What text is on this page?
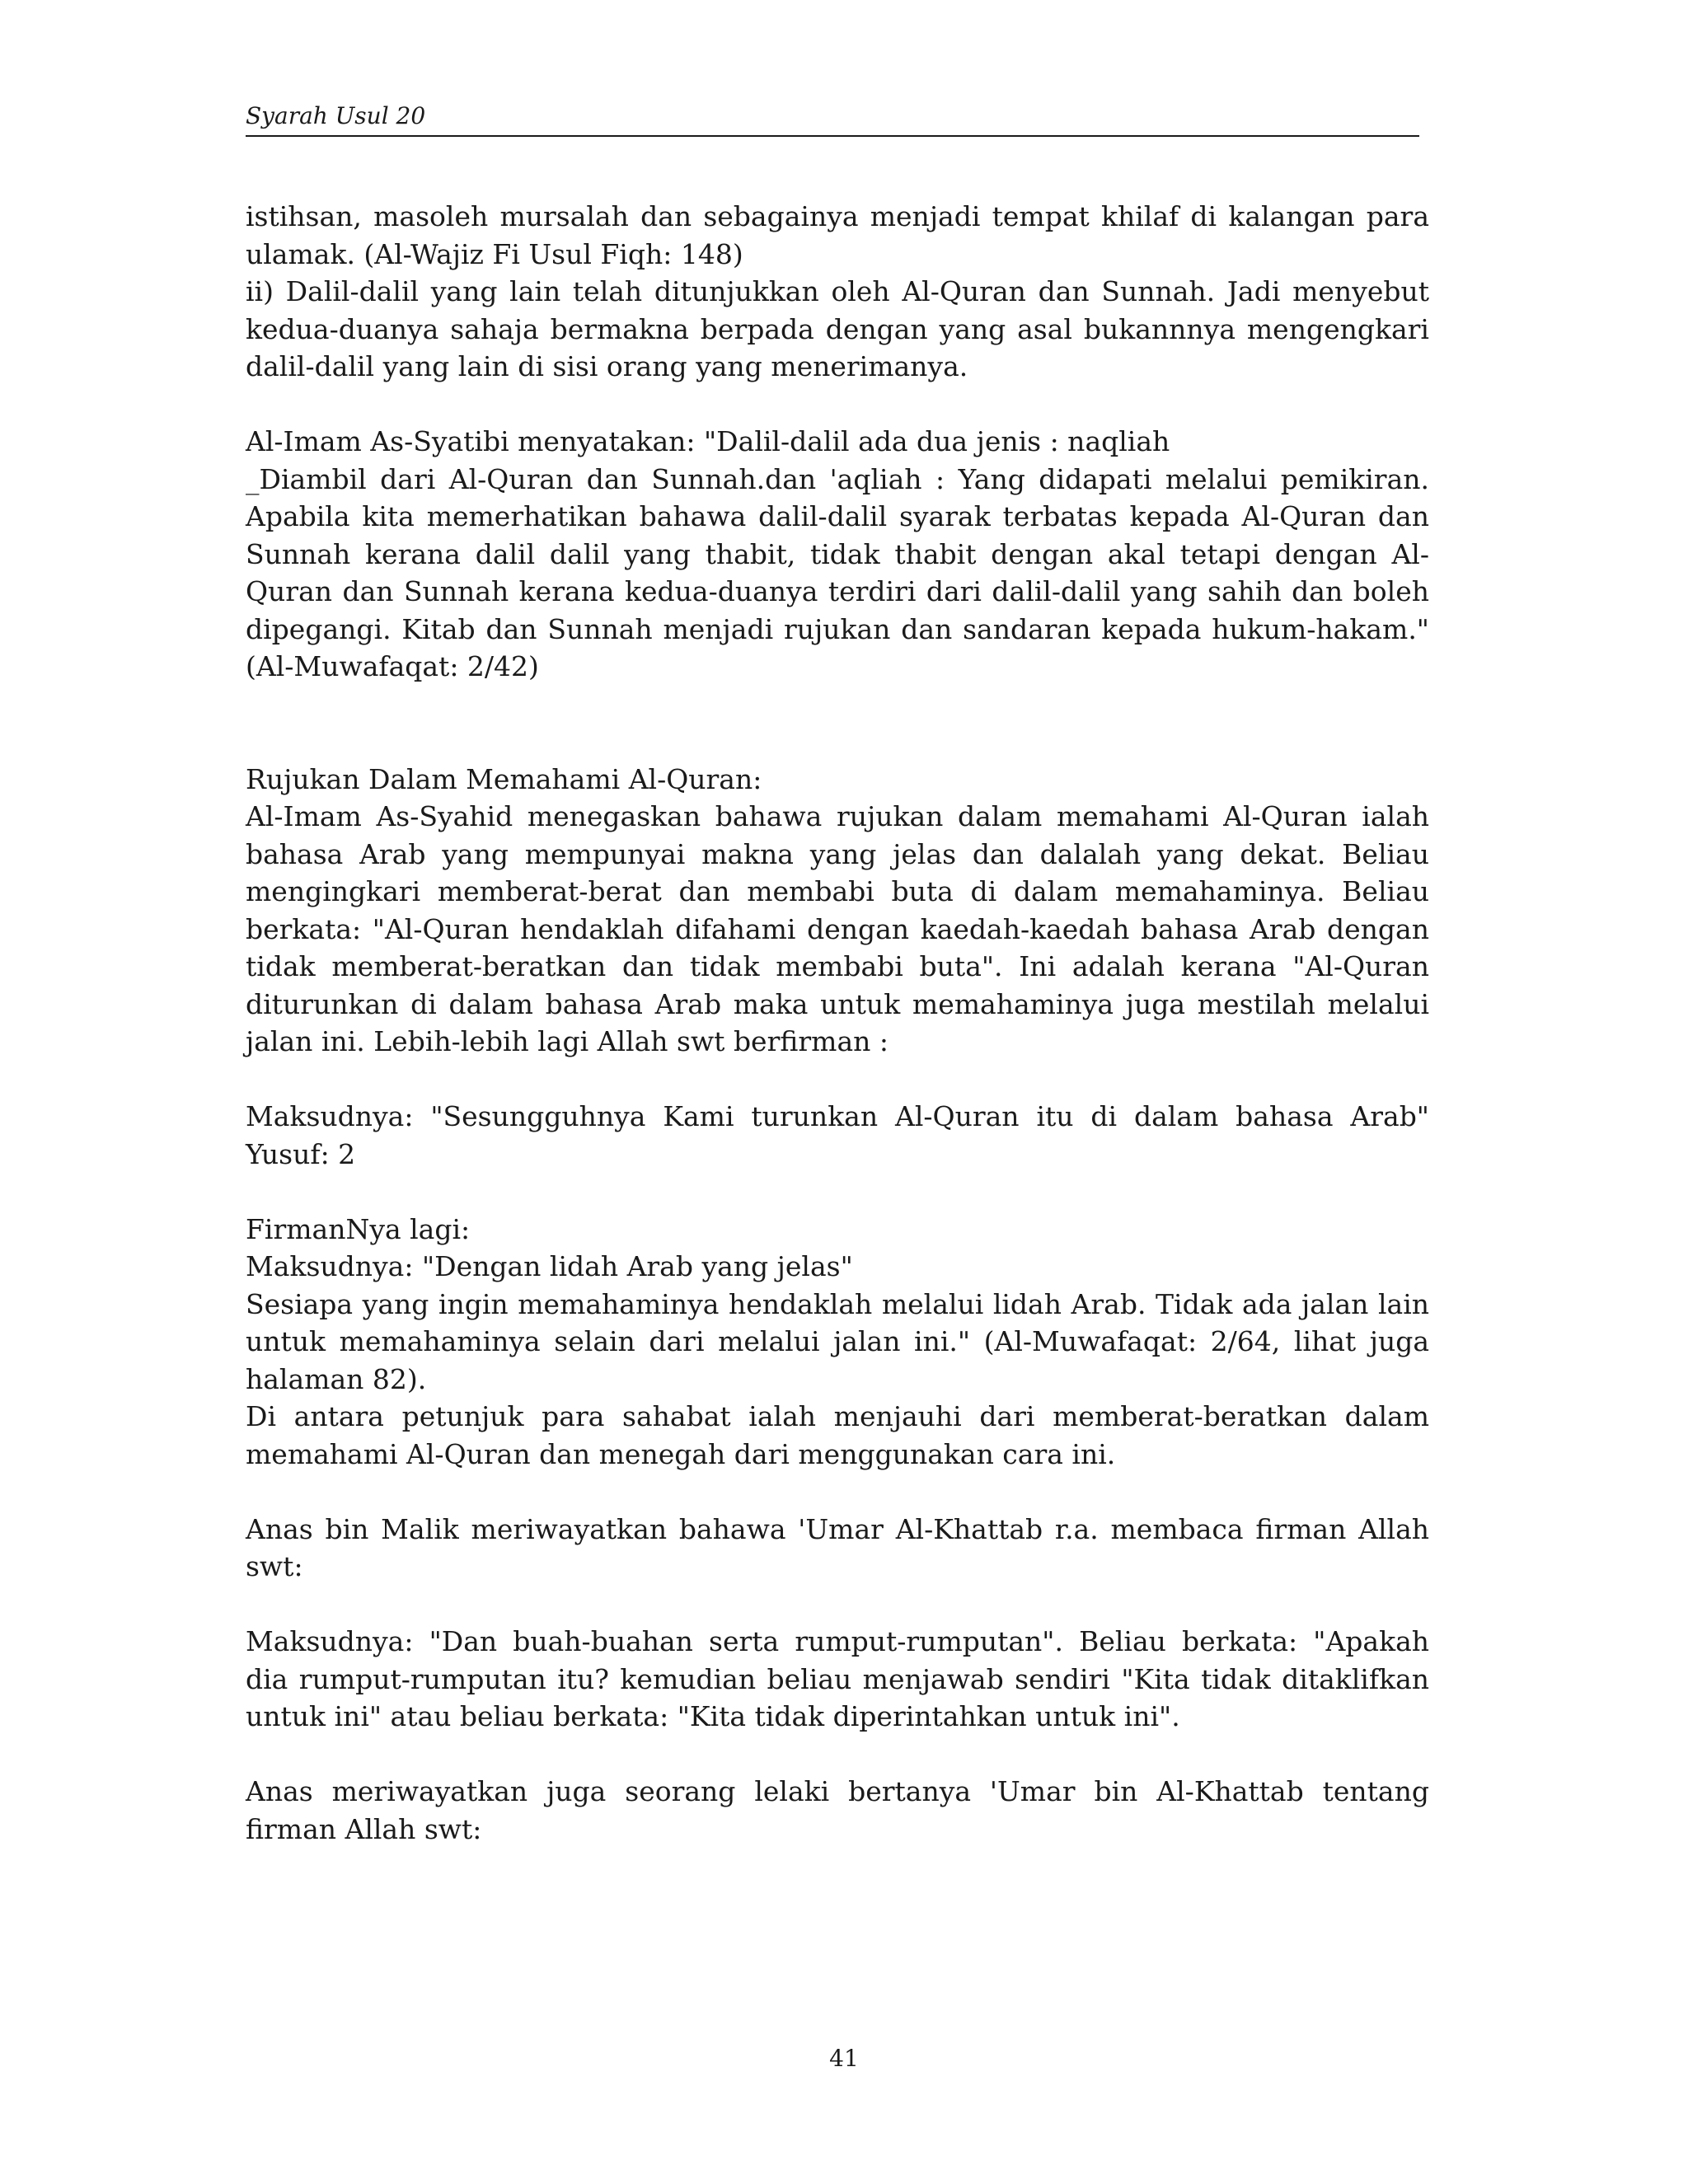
Syarah Usul 20

istihsan, masoleh mursalah dan sebagainya menjadi tempat khilaf di kalangan para ulamak. (Al-Wajiz Fi Usul Fiqh: 148)

ii) Dalil-dalil yang lain telah ditunjukkan oleh Al-Quran dan Sunnah. Jadi menyebut kedua-duanya sahaja bermakna berpada dengan yang asal bukannnya mengengkari dalil-dalil yang lain di sisi orang yang menerimanya.

Al-Imam As-Syatibi menyatakan: "Dalil-dalil ada dua jenis : naqliah

_Diambil dari Al-Quran dan Sunnah.dan 'aqliah : Yang didapati melalui pemikiran. Apabila kita memerhatikan bahawa dalil-dalil syarak terbatas kepada Al-Quran dan Sunnah kerana dalil dalil yang thabit, tidak thabit dengan akal tetapi dengan Al-Quran dan Sunnah kerana kedua-duanya terdiri dari dalil-dalil yang sahih dan boleh dipegangi. Kitab dan Sunnah menjadi rujukan dan sandaran kepada hukum-hakam." (Al-Muwafaqat: 2/42)

Rujukan Dalam Memahami Al-Quran:

Al-Imam As-Syahid menegaskan bahawa rujukan dalam memahami Al-Quran ialah bahasa Arab yang mempunyai makna yang jelas dan dalalah yang dekat. Beliau mengingkari memberat-berat dan membabi buta di dalam memahaminya. Beliau berkata: "Al-Quran hendaklah difahami dengan kaedah-kaedah bahasa Arab dengan tidak memberat-beratkan dan tidak membabi buta". Ini adalah kerana "Al-Quran diturunkan di dalam bahasa Arab maka untuk memahaminya juga mestilah melalui jalan ini. Lebih-lebih lagi Allah swt berfirman :

Maksudnya: "Sesungguhnya Kami turunkan Al-Quran itu di dalam bahasa Arab" Yusuf: 2

FirmanNya lagi:

Maksudnya: "Dengan lidah Arab yang jelas"

Sesiapa yang ingin memahaminya hendaklah melalui lidah Arab. Tidak ada jalan lain untuk memahaminya selain dari melalui jalan ini." (Al-Muwafaqat: 2/64, lihat juga halaman 82).

Di antara petunjuk para sahabat ialah menjauhi dari memberat-beratkan dalam memahami Al-Quran dan menegah dari menggunakan cara ini.

Anas bin Malik meriwayatkan bahawa 'Umar Al-Khattab r.a. membaca firman Allah swt:

Maksudnya: "Dan buah-buahan serta rumput-rumputan". Beliau berkata: "Apakah dia rumput-rumputan itu? kemudian beliau menjawab sendiri "Kita tidak ditaklifkan untuk ini" atau beliau berkata: "Kita tidak diperintahkan untuk ini".

Anas meriwayatkan juga seorang lelaki bertanya 'Umar bin Al-Khattab tentang firman Allah swt:

41
